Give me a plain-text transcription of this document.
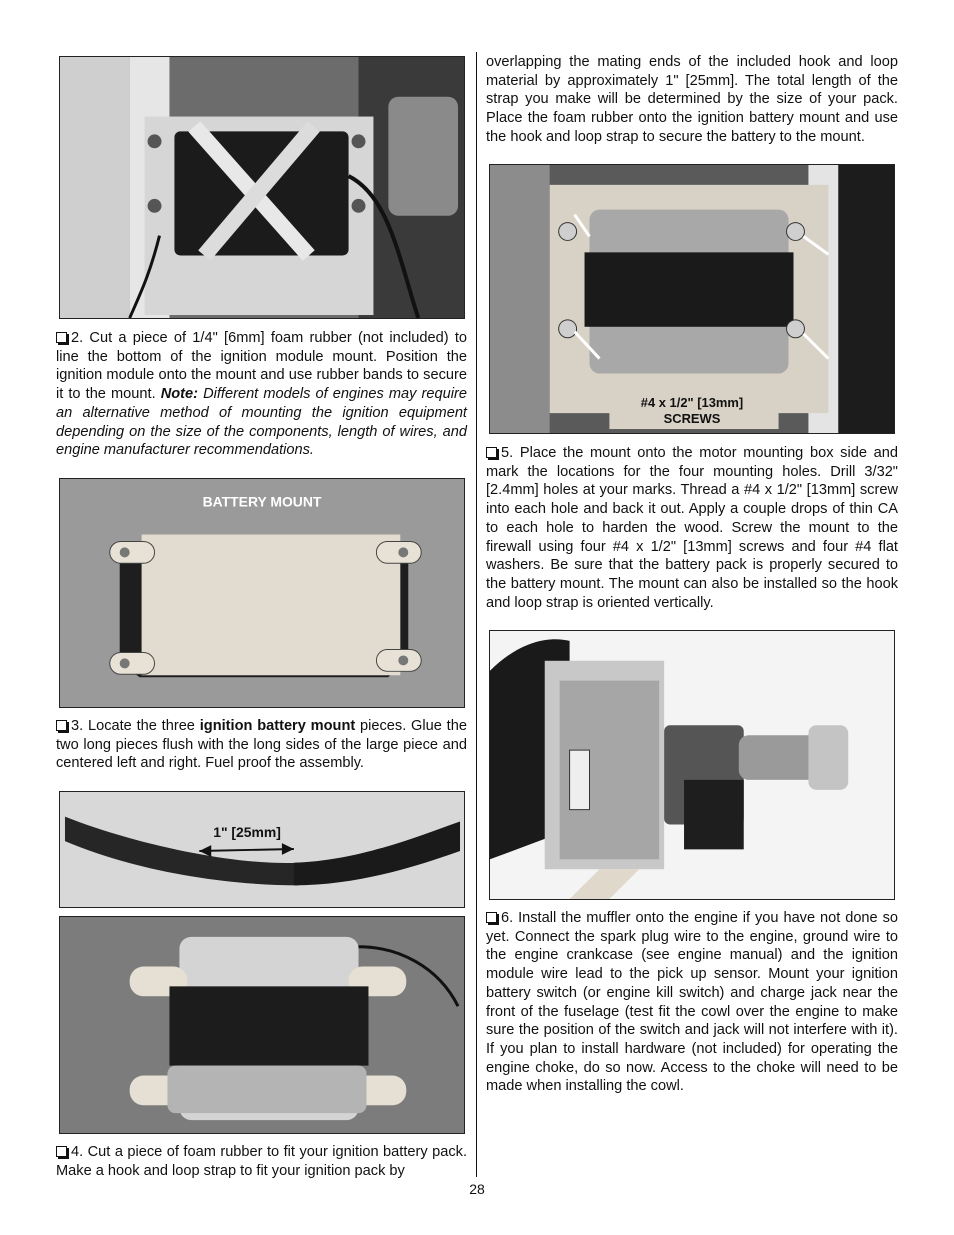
2. Cut a piece of 1/4" [6mm] foam rubber (not included) to line the bottom of the ignition module mount. Position the ignition module onto the mount and use rubber bands to secure it to the mount. Note: Different models of engines may require an alternative method of mounting the ignition equipment depending on the size of the components, length of wires, and engine manufacturer recommendations.

BATTERY MOUNT

3. Locate the three ignition battery mount pieces. Glue the two long pieces flush with the long sides of the large piece and centered left and right. Fuel proof the assembly.

1" [25mm]

4. Cut a piece of foam rubber to fit your ignition battery pack. Make a hook and loop strap to fit your ignition pack by

overlapping the mating ends of the included hook and loop material by approximately 1" [25mm]. The total length of the strap you make will be determined by the size of your pack. Place the foam rubber onto the ignition battery mount and use the hook and loop strap to secure the battery to the mount.

#4 x 1/2" [13mm]
SCREWS

5. Place the mount onto the motor mounting box side and mark the locations for the four mounting holes. Drill 3/32" [2.4mm] holes at your marks. Thread a #4 x 1/2" [13mm] screw into each hole and back it out. Apply a couple drops of thin CA to each hole to harden the wood. Screw the mount to the firewall using four #4 x 1/2" [13mm] screws and four #4 flat washers. Be sure that the battery pack is properly secured to the battery mount. The mount can also be installed so the hook and loop strap is oriented vertically.

6. Install the muffler onto the engine if you have not done so yet. Connect the spark plug wire to the engine, ground wire to the engine crankcase (see engine manual) and the ignition module wire lead to the pick up sensor. Mount your ignition battery switch (or engine kill switch) and charge jack near the front of the fuselage (test fit the cowl over the engine to make sure the position of the switch and jack will not interfere with it). If you plan to install hardware (not included) for operating the engine choke, do so now. Access to the choke will need to be made when installing the cowl.

28
